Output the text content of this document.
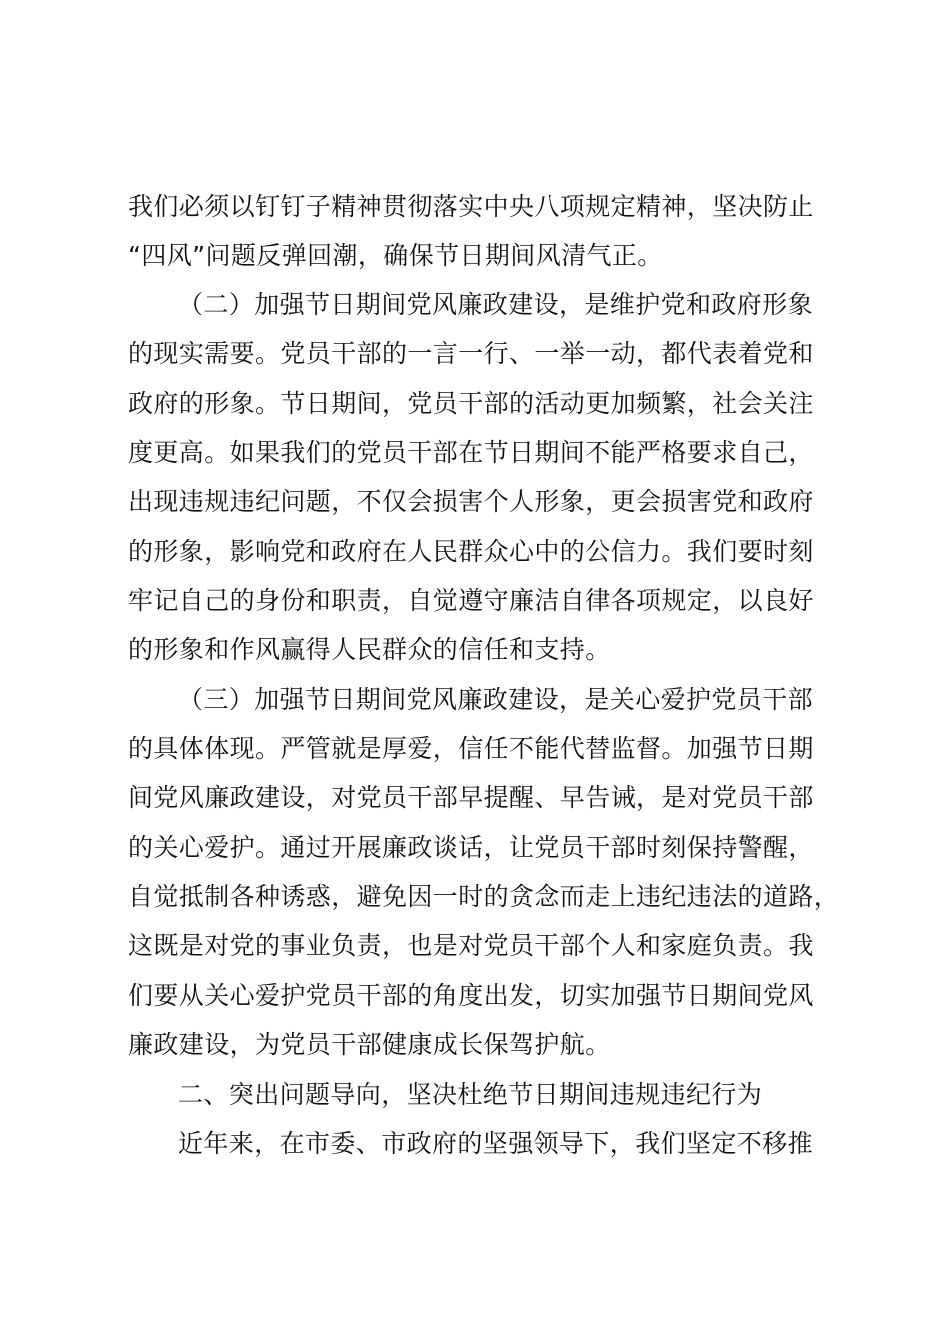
我们必须以钉钉子精神贯彻落实中央八项规定精神，坚决防止
“四风”问题反弹回潮，确保节日期间风清气正。
（二）加强节日期间党风廉政建设，是维护党和政府形象
的现实需要。党员干部的一言一行、一举一动，都代表着党和
政府的形象。节日期间，党员干部的活动更加频繁，社会关注
度更高。如果我们的党员干部在节日期间不能严格要求自己，
出现违规违纪问题，不仅会损害个人形象，更会损害党和政府
的形象，影响党和政府在人民群众心中的公信力。我们要时刻
牢记自己的身份和职责，自觉遵守廉洁自律各项规定，以良好
的形象和作风赢得人民群众的信任和支持。
（三）加强节日期间党风廉政建设，是关心爱护党员干部
的具体体现。严管就是厚爱，信任不能代替监督。加强节日期
间党风廉政建设，对党员干部早提醒、早告诫，是对党员干部
的关心爱护。通过开展廉政谈话，让党员干部时刻保持警醒，
自觉抵制各种诱惑，避免因一时的贪念而走上违纪违法的道路，
这既是对党的事业负责，也是对党员干部个人和家庭负责。我
们要从关心爱护党员干部的角度出发，切实加强节日期间党风
廉政建设，为党员干部健康成长保驾护航。
二、突出问题导向，坚决杜绝节日期间违规违纪行为
近年来，在市委、市政府的坚强领导下，我们坚定不移推
